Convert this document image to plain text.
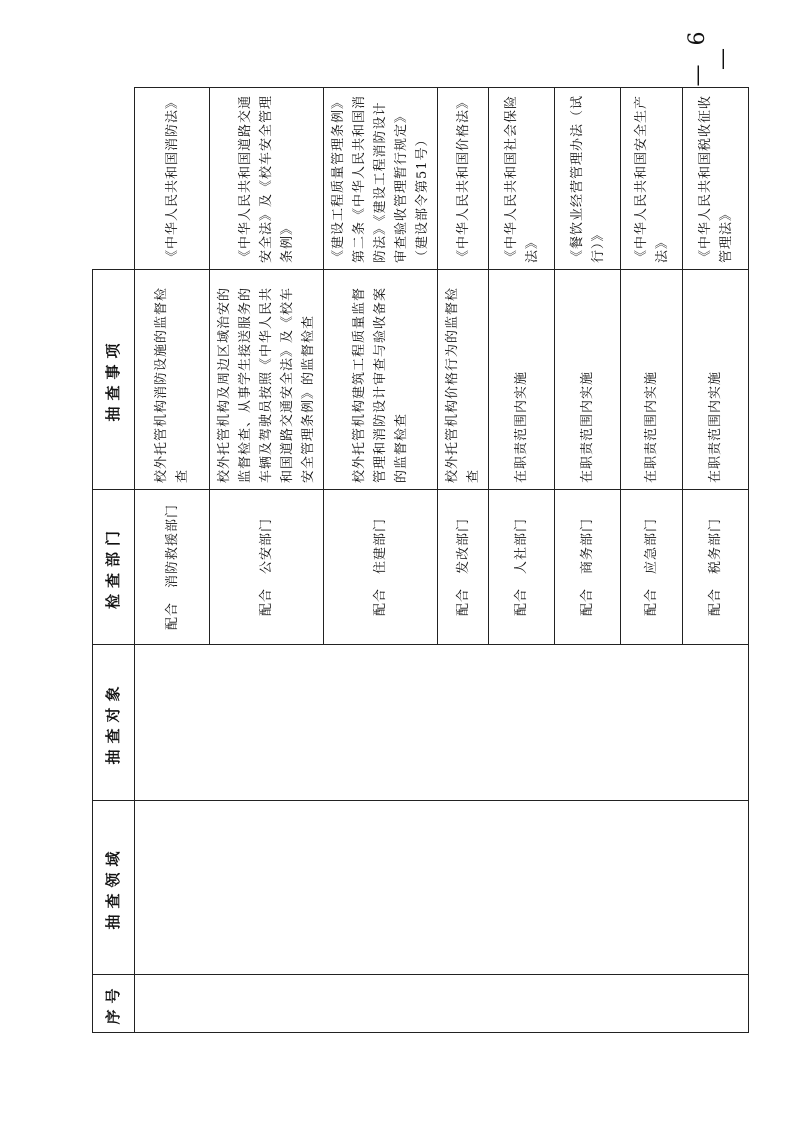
序号	抽查领域	抽查对象	检查部门	抽查事项	
			配合　消防救援部门	校外托管机构消防设施的监督检查	《中华人民共和国消防法》
			配合　公安部门	校外托管机构及周边区域治安的监督检查、从事学生接送服务的车辆及驾驶员按照《中华人民共和国道路交通安全法》及《校车安全管理条例》的监督检查	《中华人民共和国道路交通安全法》及《校车安全管理条例》
			配合　住建部门	校外托管机构建筑工程质量监督管理和消防设计审查与验收备案的监督检查	《建设工程质量管理条例》第二条《中华人民共和国消防法》《建设工程消防设计审查验收管理暂行规定》（建设部令第51号）
			配合　发改部门	校外托管机构价格行为的监督检查	《中华人民共和国价格法》
			配合　人社部门	在职责范围内实施	《中华人民共和国社会保险法》
			配合　商务部门	在职责范围内实施	《餐饮业经营管理办法（试行）》
			配合　应急部门	在职责范围内实施	《中华人民共和国安全生产法》
			配合　税务部门	在职责范围内实施	《中华人民共和国税收征收管理法》
— 6 —
